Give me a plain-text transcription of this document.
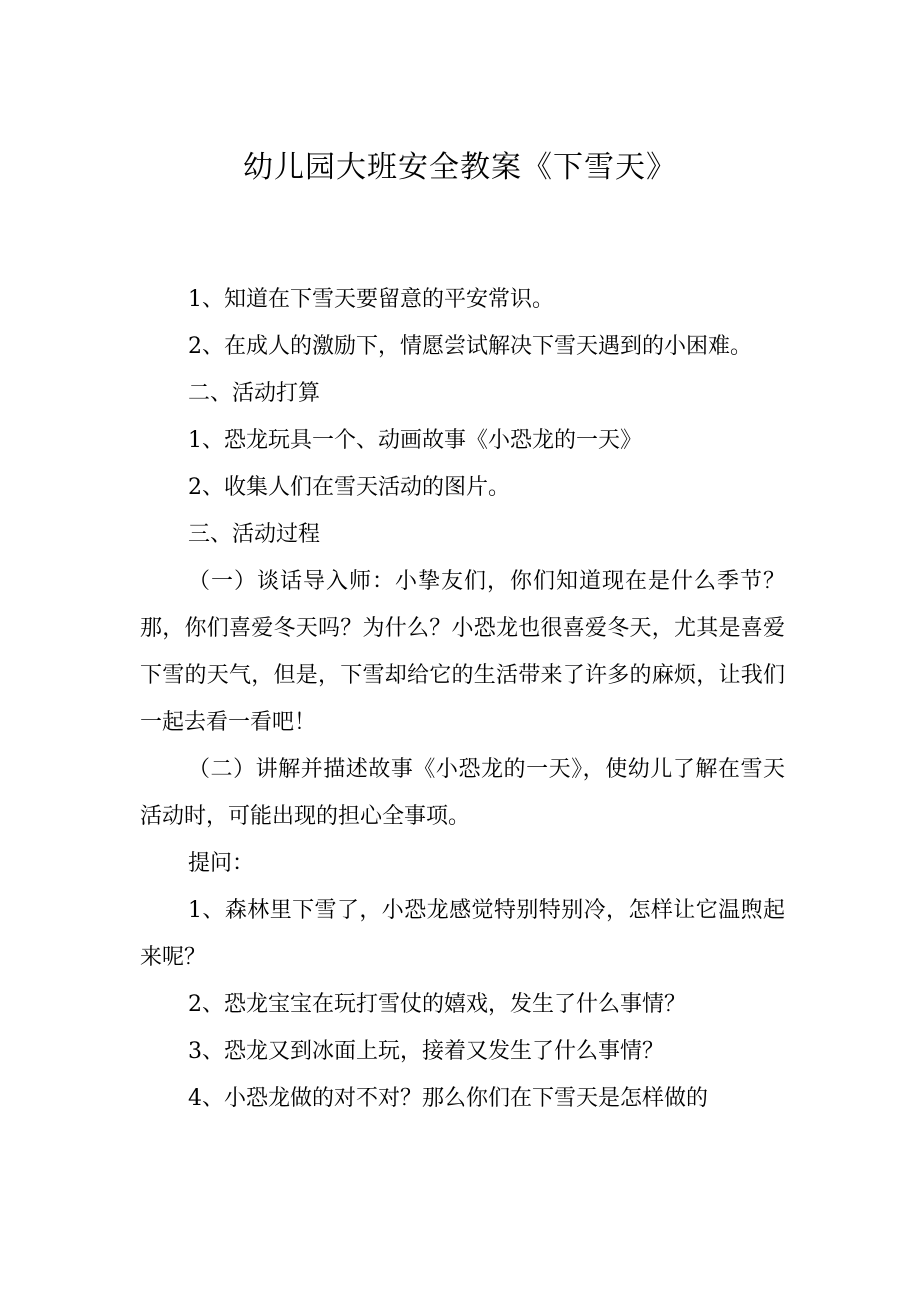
幼儿园大班安全教案《下雪天》

1、知道在下雪天要留意的平安常识。

2、在成人的激励下，情愿尝试解决下雪天遇到的小困难。

二、活动打算

1、恐龙玩具一个、动画故事《小恐龙的一天》

2、收集人们在雪天活动的图片。

三、活动过程

（一）谈话导入师：小挚友们，你们知道现在是什么季节？那，你们喜爱冬天吗？为什么？小恐龙也很喜爱冬天，尤其是喜爱下雪的天气，但是，下雪却给它的生活带来了许多的麻烦，让我们一起去看一看吧！

（二）讲解并描述故事《小恐龙的一天》，使幼儿了解在雪天活动时，可能出现的担心全事项。

提问：

1、森林里下雪了，小恐龙感觉特别特别冷，怎样让它温煦起来呢？

2、恐龙宝宝在玩打雪仗的嬉戏，发生了什么事情？

3、恐龙又到冰面上玩，接着又发生了什么事情？

4、小恐龙做的对不对？那么你们在下雪天是怎样做的
